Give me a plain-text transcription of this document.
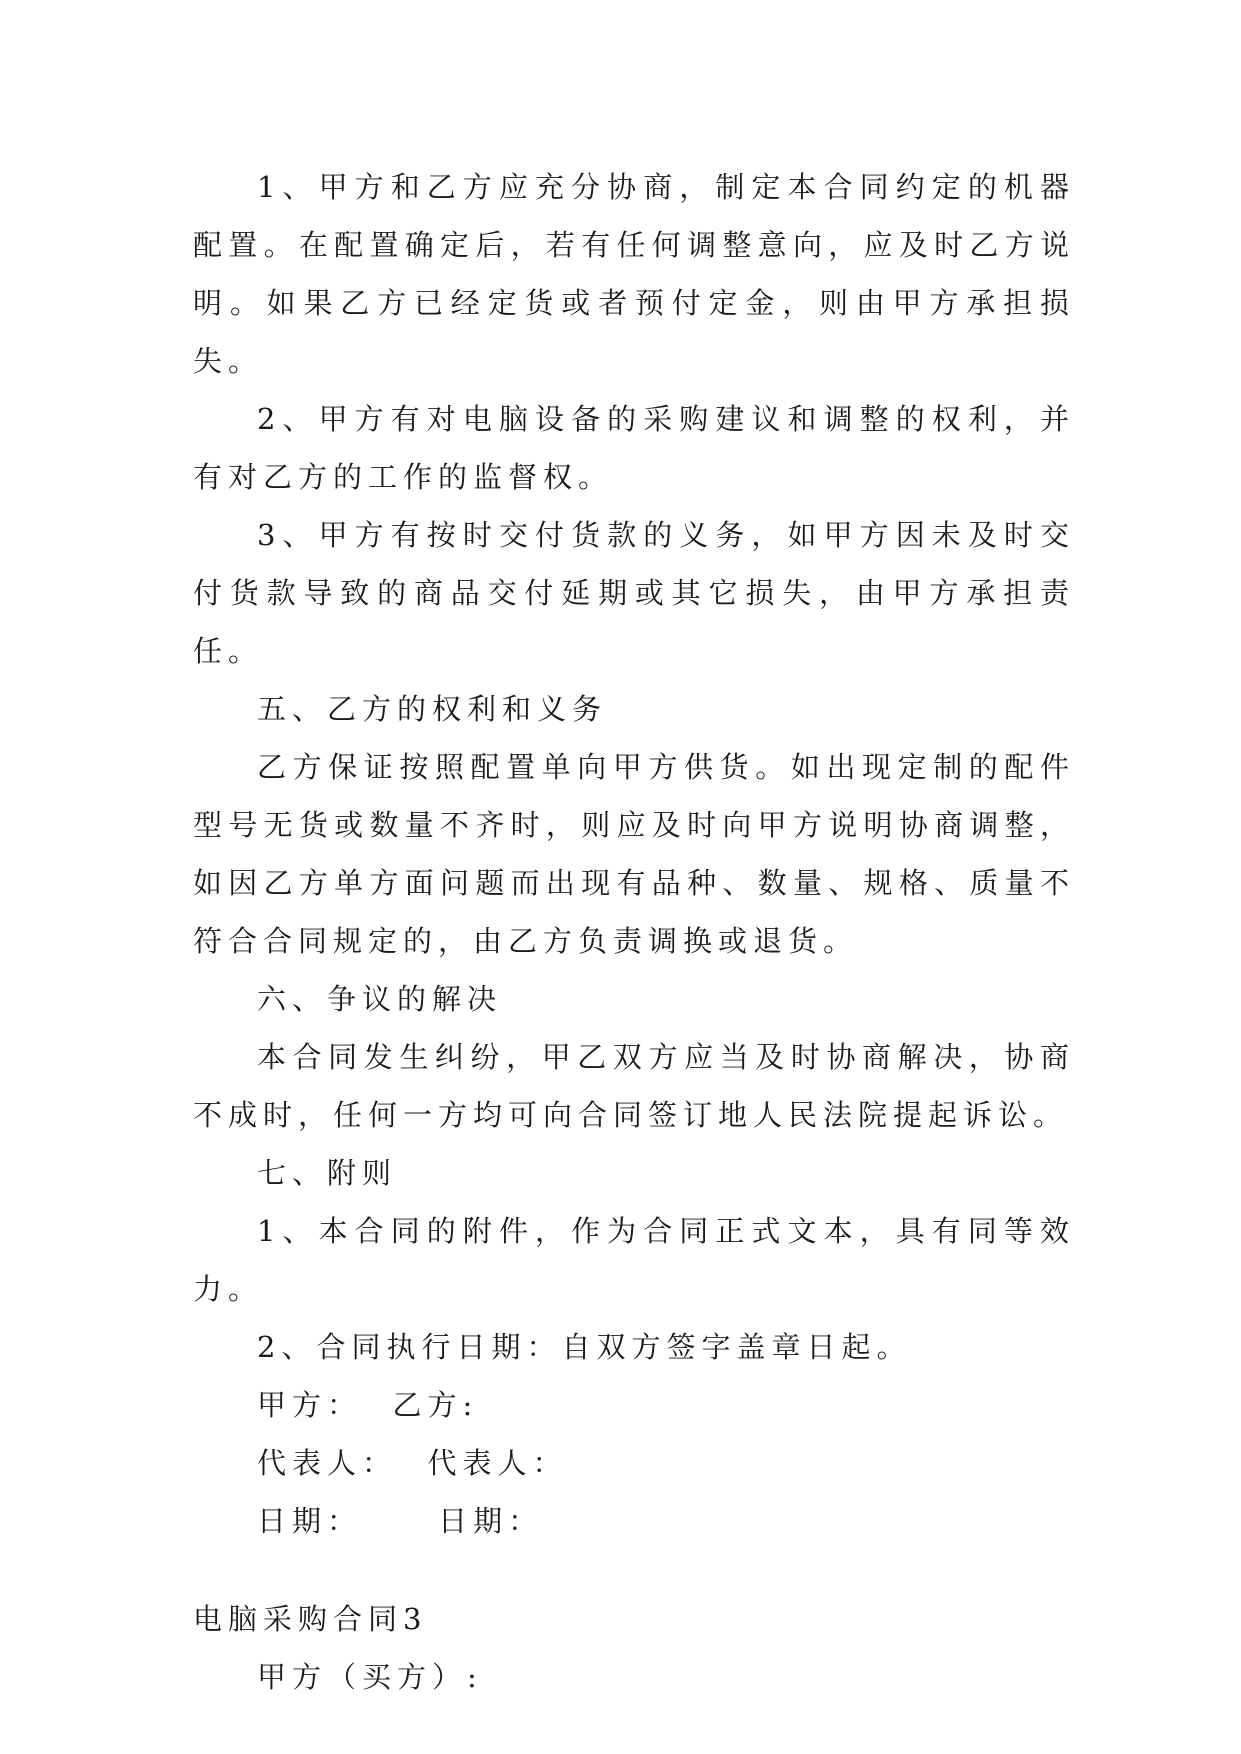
1、甲方和乙方应充分协商，制定本合同约定的机器配置。在配置确定后，若有任何调整意向，应及时乙方说明。如果乙方已经定货或者预付定金，则由甲方承担损失。

2、甲方有对电脑设备的采购建议和调整的权利，并有对乙方的工作的监督权。

3、甲方有按时交付货款的义务，如甲方因未及时交付货款导致的商品交付延期或其它损失，由甲方承担责任。

五、乙方的权利和义务

乙方保证按照配置单向甲方供货。如出现定制的配件型号无货或数量不齐时，则应及时向甲方说明协商调整，如因乙方单方面问题而出现有品种、数量、规格、质量不符合合同规定的，由乙方负责调换或退货。

六、争议的解决

本合同发生纠纷，甲乙双方应当及时协商解决，协商不成时，任何一方均可向合同签订地人民法院提起诉讼。

七、附则

1、本合同的附件，作为合同正式文本，具有同等效力。

2、合同执行日期：自双方签字盖章日起。

甲方： 乙方:
代表人： 代表人：
日期：	日期：

电脑采购合同3

甲方（买方）:
